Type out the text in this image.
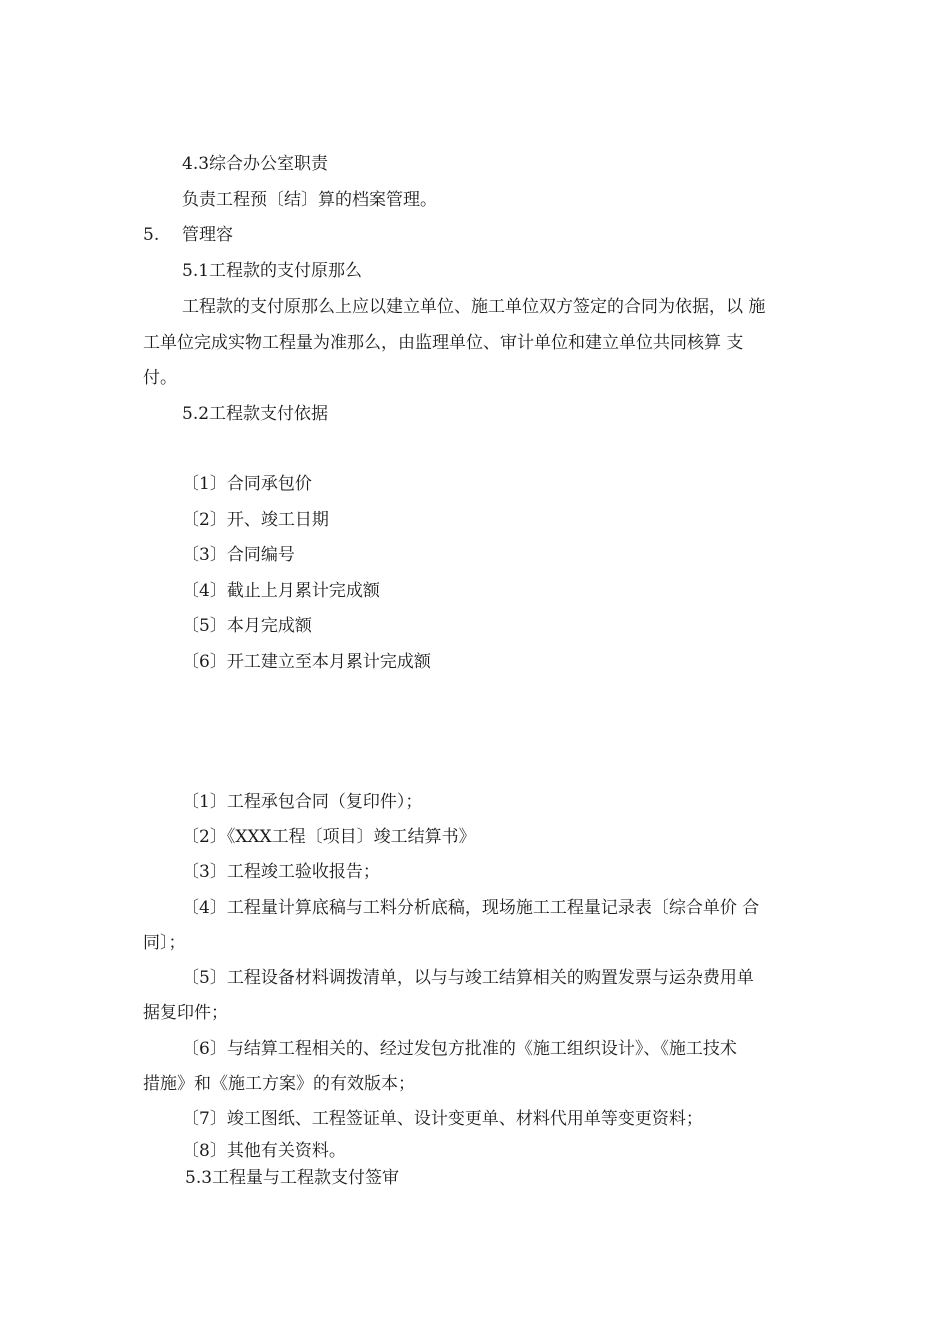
4.3综合办公室职责
负责工程预〔结〕算的档案管理。
5. 管理容
5.1工程款的支付原那么
工程款的支付原那么上应以建立单位、施工单位双方签定的合同为依据，以 施
工单位完成实物工程量为准那么，由监理单位、审计单位和建立单位共同核算 支
付。
5.2工程款支付依据
〔1〕合同承包价
〔2〕开、竣工日期
〔3〕合同编号
〔4〕截止上月累计完成额
〔5〕本月完成额
〔6〕开工建立至本月累计完成额
〔1〕工程承包合同（复印件）；
〔2〕《XXX工程〔项目〕竣工结算书》
〔3〕工程竣工验收报告；
〔4〕工程量计算底稿与工料分析底稿，现场施工工程量记录表〔综合单价 合
同〕；
〔5〕工程设备材料调拨清单，以与与竣工结算相关的购置发票与运杂费用单
据复印件；
〔6〕与结算工程相关的、经过发包方批准的《施工组织设计》、《施工技术
措施》和《施工方案》的有效版本；
〔7〕竣工图纸、工程签证单、设计变更单、材料代用单等变更资料；
〔8〕其他有关资料。
5.3工程量与工程款支付签审
